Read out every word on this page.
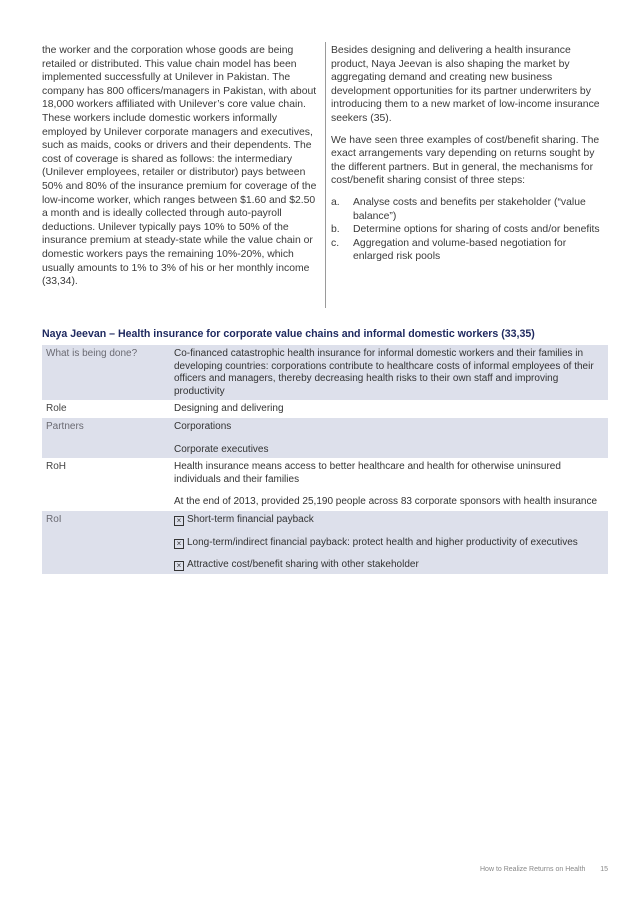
the worker and the corporation whose goods are being retailed or distributed. This value chain model has been implemented successfully at Unilever in Pakistan. The company has 800 officers/managers in Pakistan, with about 18,000 workers affiliated with Unilever’s core value chain. These workers include domestic workers informally employed by Unilever corporate managers and executives, such as maids, cooks or drivers and their dependents. The cost of coverage is shared as follows: the intermediary (Unilever employees, retailer or distributor) pays between 50% and 80% of the insurance premium for coverage of the low-income worker, which ranges between $1.60 and $2.50 a month and is ideally collected through auto-payroll deductions. Unilever typically pays 10% to 50% of the insurance premium at steady-state while the value chain or domestic workers pays the remaining 10%-20%, which usually amounts to 1% to 3% of his or her monthly income (33,34).

Besides designing and delivering a health insurance product, Naya Jeevan is also shaping the market by aggregating demand and creating new business development opportunities for its partner underwriters by introducing them to a new market of low-income insurance seekers (35).

We have seen three examples of cost/benefit sharing. The exact arrangements vary depending on returns sought by the different partners. But in general, the mechanisms for cost/benefit sharing consist of three steps:

a. Analyse costs and benefits per stakeholder (“value balance”)
b. Determine options for sharing of costs and/or benefits
c. Aggregation and volume-based negotiation for enlarged risk pools
Naya Jeevan – Health insurance for corporate value chains and informal domestic workers (33,35)
What is being done?	Co-financed catastrophic health insurance for informal domestic workers and their families in developing countries: corporations contribute to healthcare costs of informal employees of their officers and managers, thereby decreasing health risks to their own staff and improving productivity
Role	Designing and delivering
Partners	Corporations

Corporate executives

RoH	Health insurance means access to better healthcare and health for otherwise uninsured individuals and their families

At the end of 2013, provided 25,190 people across 83 corporate sponsors with health insurance

RoI	× Short-term financial payback

× Long-term/indirect financial payback: protect health and higher productivity of executives

× Attractive cost/benefit sharing with other stakeholder

How to Realize Returns on Health 15
